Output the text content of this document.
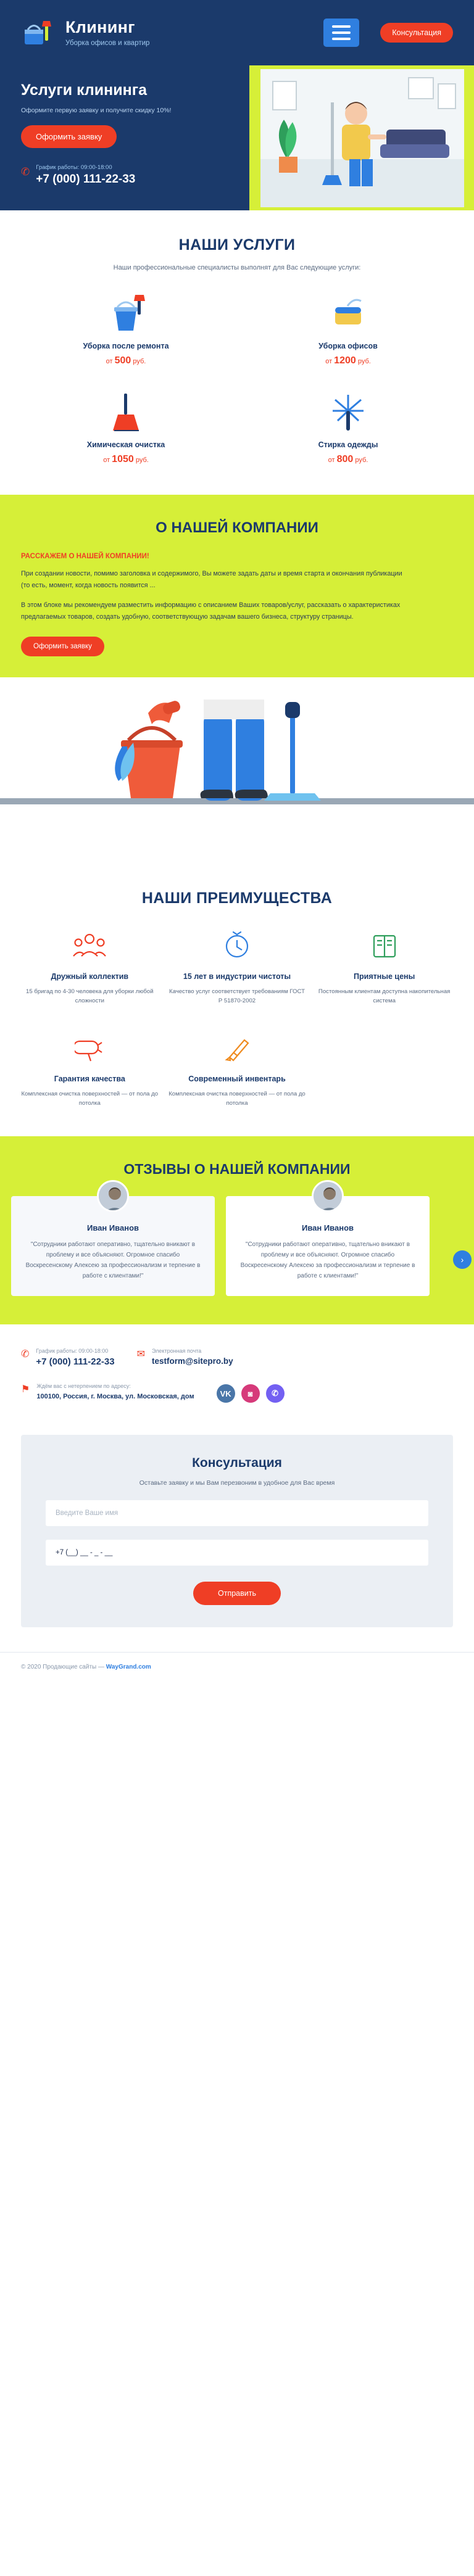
Клининг
Уборка офисов и квартир
Консультация
Услуги клининга
Оформите первую заявку и получите скидку 10%!
Оформить заявку
✆ График работы: 09:00-18:00
+7 (000) 111-22-33
НАШИ УСЛУГИ
Наши профессиональные специалисты выполнят для Вас следующие услуги:
Уборка после ремонта
от 500 руб.
Уборка офисов
от 1200 руб.
Химическая очистка
от 1050 руб.
Стирка одежды
от 800 руб.
О НАШЕЙ КОМПАНИИ
РАССКАЖЕМ О НАШЕЙ КОМПАНИИ!
При создании новости, помимо заголовка и содержимого, Вы можете задать даты и время старта и окончания публикации (то есть, момент, когда новость появится ...
В этом блоке мы рекомендуем разместить информацию с описанием Ваших товаров/услуг, рассказать о характеристиках предлагаемых товаров, создать удобную, соответствующую задачам вашего бизнеса, структуру страницы.
Оформить заявку
НАШИ ПРЕИМУЩЕСТВА
Дружный коллектив
15 бригад по 4-30 человека для уборки любой сложности
15 лет в индустрии чистоты
Качество услуг соответствует требованиям ГОСТ Р 51870-2002
Приятные цены
Постоянным клиентам доступна накопительная система
Гарантия качества
Комплексная очистка поверхностей — от пола до потолка
Современный инвентарь
Комплексная очистка поверхностей — от пола до потолка
ОТЗЫВЫ О НАШЕЙ КОМПАНИИ
Иван Иванов
"Сотрудники работают оперативно, тщательно вникают в проблему и все объясняют. Огромное спасибо Воскресенскому Алексею за профессионализм и терпение в работе с клиентами!"
Иван Иванов
"Сотрудники работают оперативно, тщательно вникают в проблему и все объясняют. Огромное спасибо Воскресенскому Алексею за профессионализм и терпение в работе с клиентами!"
›
✆ График работы: 09:00-18:00
+7 (000) 111-22-33
✉ Электронная почта
testform@sitepro.by
⚑ Ждём вас с нетерпением по адресу:
100100, Россия, г. Москва, ул. Московская, дом	VK	◙	✆
Консультация
Оставьте заявку и мы Вам перезвоним в удобное для Вас время
Введите Ваше имя
+7 (__) __ - _ - __ Отправить
© 2020 Продающие сайты — WayGrand.com
